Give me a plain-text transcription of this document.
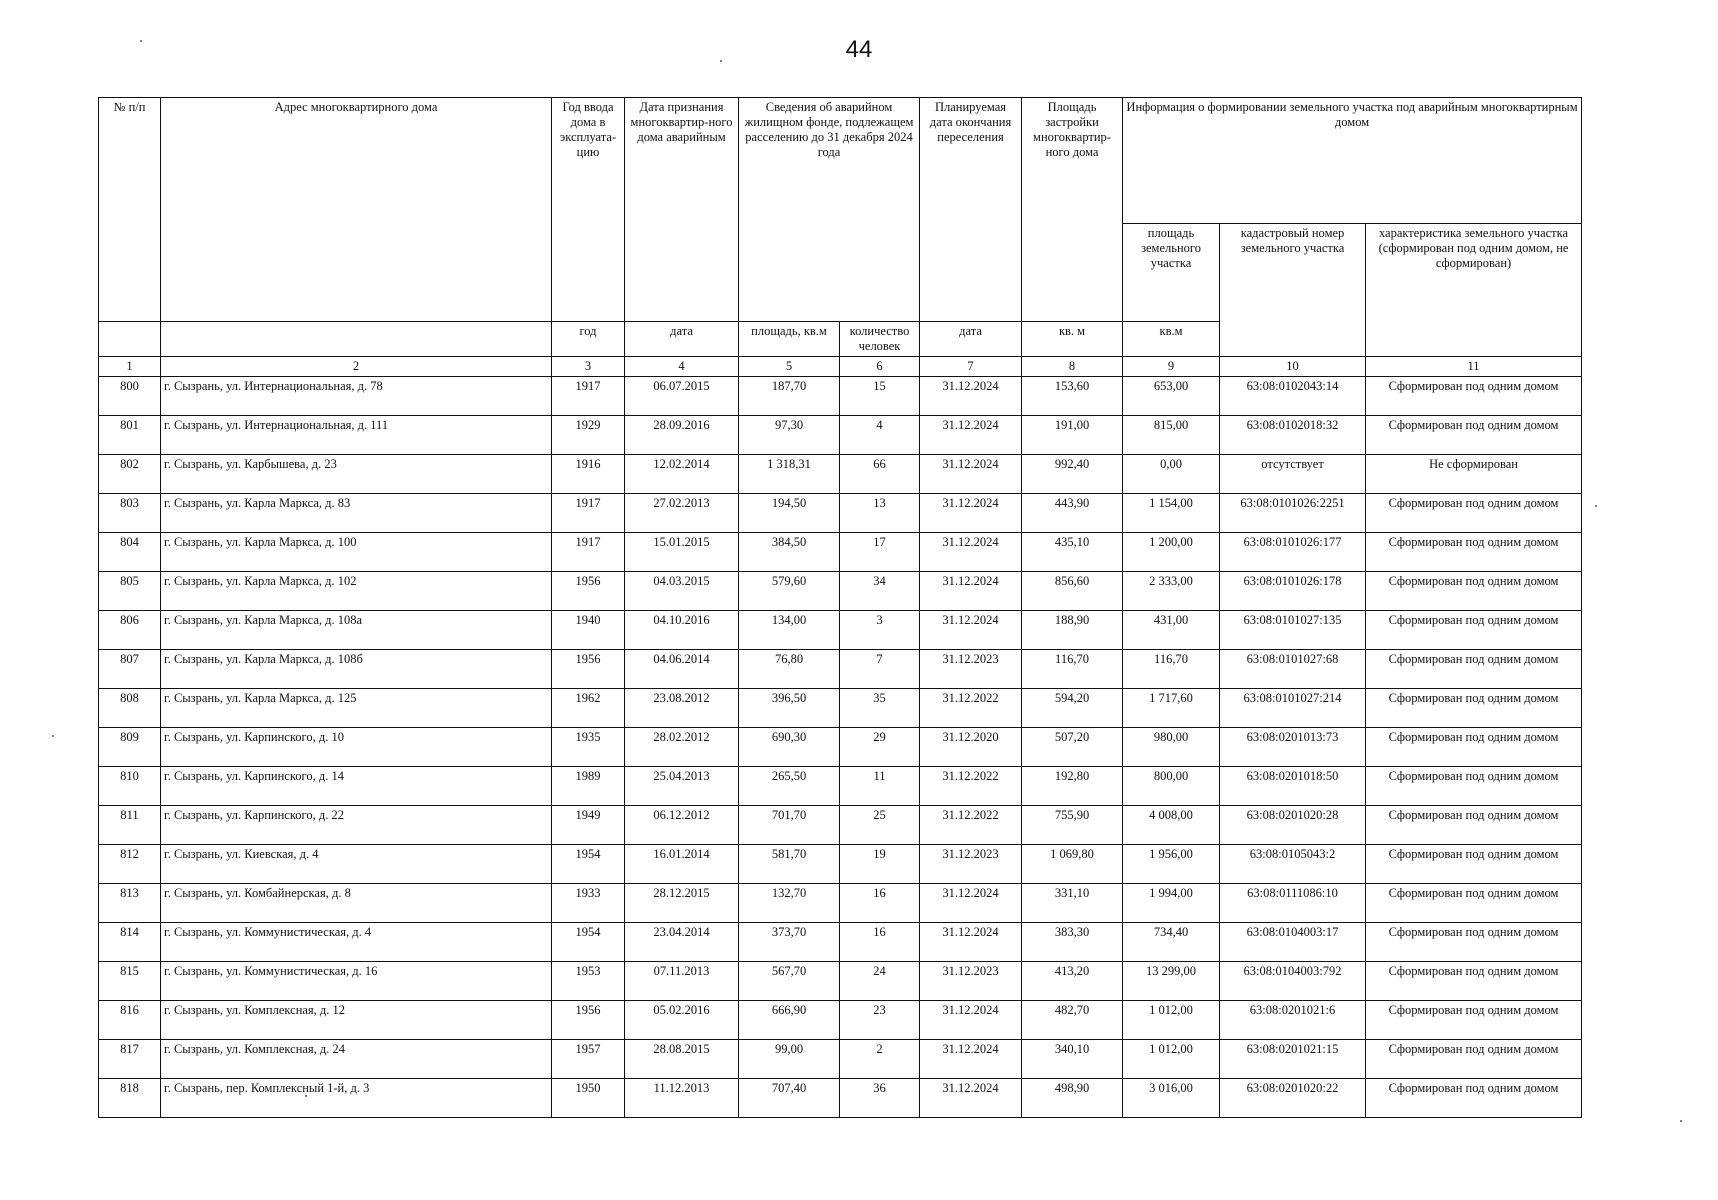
44
№ п/п	Адрес многоквартирного дома	Год ввода дома в эксплуата-цию	Дата признания многоквартир-ного дома аварийным	Сведения об аварийном жилищном фонде, подлежащем расселению до 31 декабря 2024 года		Планируемая дата окончания переселения	Площадь застройки многоквартир-ного дома	Информация о формировании земельного участка под аварийным многоквартирным домом		
								площадь земельного участка	кадастровый номер земельного участка	характеристика земельного участка (сформирован под одним домом, не сформирован)
		год	дата	площадь, кв.м	количество человек	дата	кв. м	кв.м		
1	2	3	4	5	6	7	8	9	10	11
800	г. Сызрань, ул. Интернациональная, д. 78	1917	06.07.2015	187,70	15	31.12.2024	153,60	653,00	63:08:0102043:14	Сформирован под одним домом
801	г. Сызрань, ул. Интернациональная, д. 111	1929	28.09.2016	97,30	4	31.12.2024	191,00	815,00	63:08:0102018:32	Сформирован под одним домом
802	г. Сызрань, ул. Карбышева, д. 23	1916	12.02.2014	1 318,31	66	31.12.2024	992,40	0,00	отсутствует	Не сформирован
803	г. Сызрань, ул. Карла Маркса, д. 83	1917	27.02.2013	194,50	13	31.12.2024	443,90	1 154,00	63:08:0101026:2251	Сформирован под одним домом
804	г. Сызрань, ул. Карла Маркса, д. 100	1917	15.01.2015	384,50	17	31.12.2024	435,10	1 200,00	63:08:0101026:177	Сформирован под одним домом
805	г. Сызрань, ул. Карла Маркса, д. 102	1956	04.03.2015	579,60	34	31.12.2024	856,60	2 333,00	63:08:0101026:178	Сформирован под одним домом
806	г. Сызрань, ул. Карла Маркса, д. 108а	1940	04.10.2016	134,00	3	31.12.2024	188,90	431,00	63:08:0101027:135	Сформирован под одним домом
807	г. Сызрань, ул. Карла Маркса, д. 108б	1956	04.06.2014	76,80	7	31.12.2023	116,70	116,70	63:08:0101027:68	Сформирован под одним домом
808	г. Сызрань, ул. Карла Маркса, д. 125	1962	23.08.2012	396,50	35	31.12.2022	594,20	1 717,60	63:08:0101027:214	Сформирован под одним домом
809	г. Сызрань, ул. Карпинского, д. 10	1935	28.02.2012	690,30	29	31.12.2020	507,20	980,00	63:08:0201013:73	Сформирован под одним домом
810	г. Сызрань, ул. Карпинского, д. 14	1989	25.04.2013	265,50	11	31.12.2022	192,80	800,00	63:08:0201018:50	Сформирован под одним домом
811	г. Сызрань, ул. Карпинского, д. 22	1949	06.12.2012	701,70	25	31.12.2022	755,90	4 008,00	63:08:0201020:28	Сформирован под одним домом
812	г. Сызрань, ул. Киевская, д. 4	1954	16.01.2014	581,70	19	31.12.2023	1 069,80	1 956,00	63:08:0105043:2	Сформирован под одним домом
813	г. Сызрань, ул. Комбайнерская, д. 8	1933	28.12.2015	132,70	16	31.12.2024	331,10	1 994,00	63:08:0111086:10	Сформирован под одним домом
814	г. Сызрань, ул. Коммунистическая, д. 4	1954	23.04.2014	373,70	16	31.12.2024	383,30	734,40	63:08:0104003:17	Сформирован под одним домом
815	г. Сызрань, ул. Коммунистическая, д. 16	1953	07.11.2013	567,70	24	31.12.2023	413,20	13 299,00	63:08:0104003:792	Сформирован под одним домом
816	г. Сызрань, ул. Комплексная, д. 12	1956	05.02.2016	666,90	23	31.12.2024	482,70	1 012,00	63:08:0201021:6	Сформирован под одним домом
817	г. Сызрань, ул. Комплексная, д. 24	1957	28.08.2015	99,00	2	31.12.2024	340,10	1 012,00	63:08:0201021:15	Сформирован под одним домом
818	г. Сызрань, пер. Комплексный 1-й, д. 3	1950	11.12.2013	707,40	36	31.12.2024	498,90	3 016,00	63:08:0201020:22	Сформирован под одним домом
